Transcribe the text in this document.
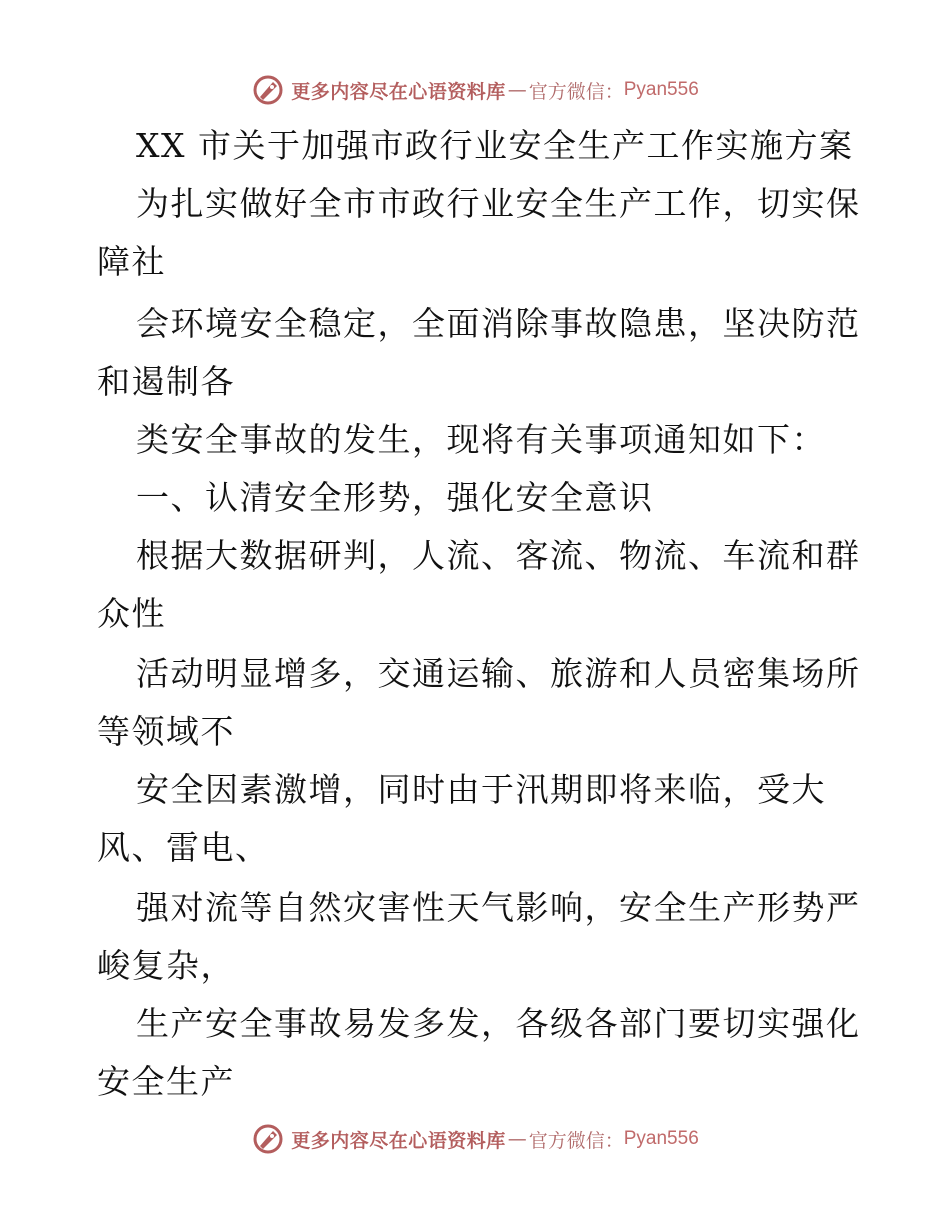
更多内容尽在心语资料库 — 官方微信： Pyan556
XX 市关于加强市政行业安全生产工作实施方案
为扎实做好全市市政行业安全生产工作，切实保
障社
会环境安全稳定，全面消除事故隐患，坚决防范
和遏制各
类安全事故的发生，现将有关事项通知如下：
一、认清安全形势，强化安全意识
根据大数据研判，人流、客流、物流、车流和群
众性
活动明显增多，交通运输、旅游和人员密集场所
等领域不
安全因素激增，同时由于汛期即将来临，受大
风、雷电、
强对流等自然灾害性天气影响，安全生产形势严
峻复杂，
生产安全事故易发多发，各级各部门要切实强化
安全生产
更多内容尽在心语资料库 — 官方微信： Pyan556
